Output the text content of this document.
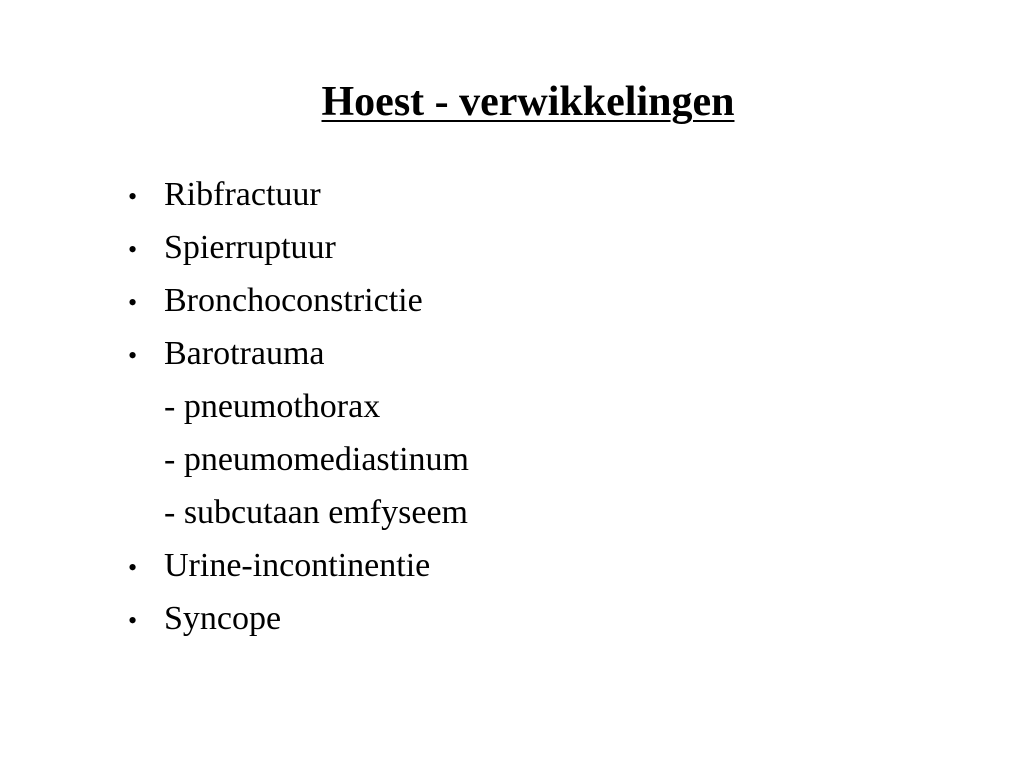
Hoest - verwikkelingen
• Ribfractuur
• Spierruptuur
• Bronchoconstrictie
• Barotrauma
- pneumothorax
- pneumomediastinum
- subcutaan emfyseem
• Urine-incontinentie
• Syncope
